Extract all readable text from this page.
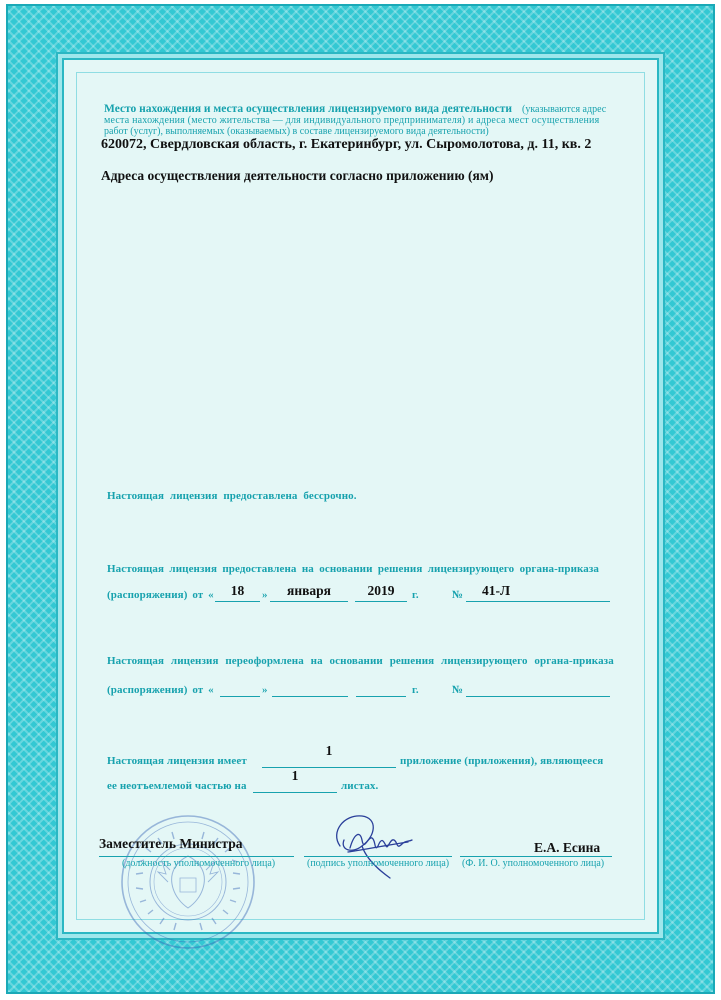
Место нахождения и места осуществления лицензируемого вида деятельности (указываются адрес
места нахождения (место жительства — для индивидуального предпринимателя) и адреса мест осуществления
работ (услуг), выполняемых (оказываемых) в составе лицензируемого вида деятельности)
620072, Свердловская область, г. Екатеринбург, ул. Сыромолотова, д. 11, кв. 2
Адреса осуществления деятельности согласно приложению (ям)
Настоящая лицензия предоставлена бессрочно.
Настоящая лицензия предоставлена на основании решения лицензирующего органа-приказа
(распоряжения) от «	18	»	января	2019	г.	№	41-Л
Настоящая лицензия переоформлена на основании решения лицензирующего органа-приказа
(распоряжения) от «	»	г.	№
Настоящая лицензия имеет
1
приложение (приложения), являющееся
ее неотъемлемой частью на
1
листах.
Заместитель Министра
(должность уполномоченного лица)	(подпись уполномоченного лица)
Е.А. Есина
(Ф. И. О. уполномоченного лица)
